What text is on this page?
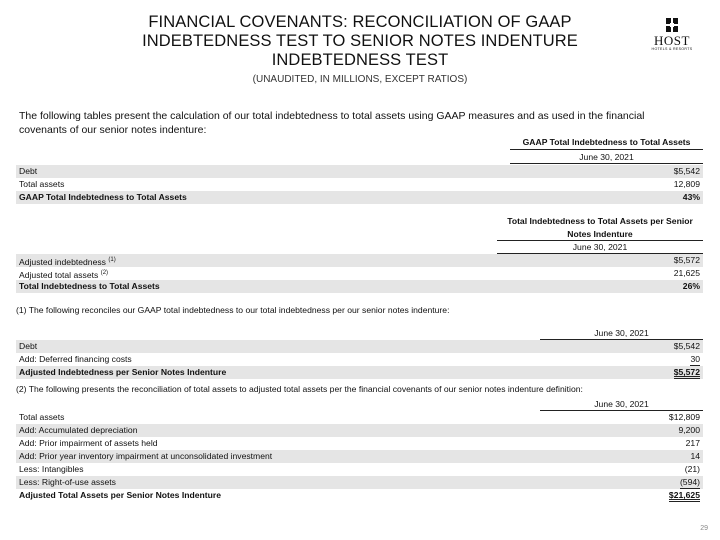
FINANCIAL COVENANTS: RECONCILIATION OF GAAP INDEBTEDNESS TEST TO SENIOR NOTES INDENTURE INDEBTEDNESS TEST
(UNAUDITED, IN MILLIONS, EXCEPT RATIOS)
HOST
HOTELS & RESORTS
The following tables present the calculation of our total indebtedness to total assets using GAAP measures and as used in the financial covenants of our senior notes indenture:
GAAP Total Indebtedness to Total Assets
June 30, 2021
Debt	$5,542
Total assets	12,809
GAAP Total Indebtedness to Total Assets	43%
Total Indebtedness to Total Assets per Senior Notes Indenture
June 30, 2021
Adjusted indebtedness $^{(1)}$	$5,572
Adjusted total assets $^{(2)}$	21,625
Total Indebtedness to Total Assets	26%
(1) The following reconciles our GAAP total indebtedness to our total indebtedness per our senior notes indenture:
June 30, 2021
Debt	$5,542
Add: Deferred financing costs	30
Adjusted Indebtedness per Senior Notes Indenture	$5,572
(2) The following presents the reconciliation of total assets to adjusted total assets per the financial covenants of our senior notes indenture definition:
June 30, 2021
Total assets	$12,809
Add: Accumulated depreciation	9,200
Add: Prior impairment of assets held	217
Add: Prior year inventory impairment at unconsolidated investment	14
Less: Intangibles	(21)
Less: Right-of-use assets	(594)
Adjusted Total Assets per Senior Notes Indenture	$21,625
29
